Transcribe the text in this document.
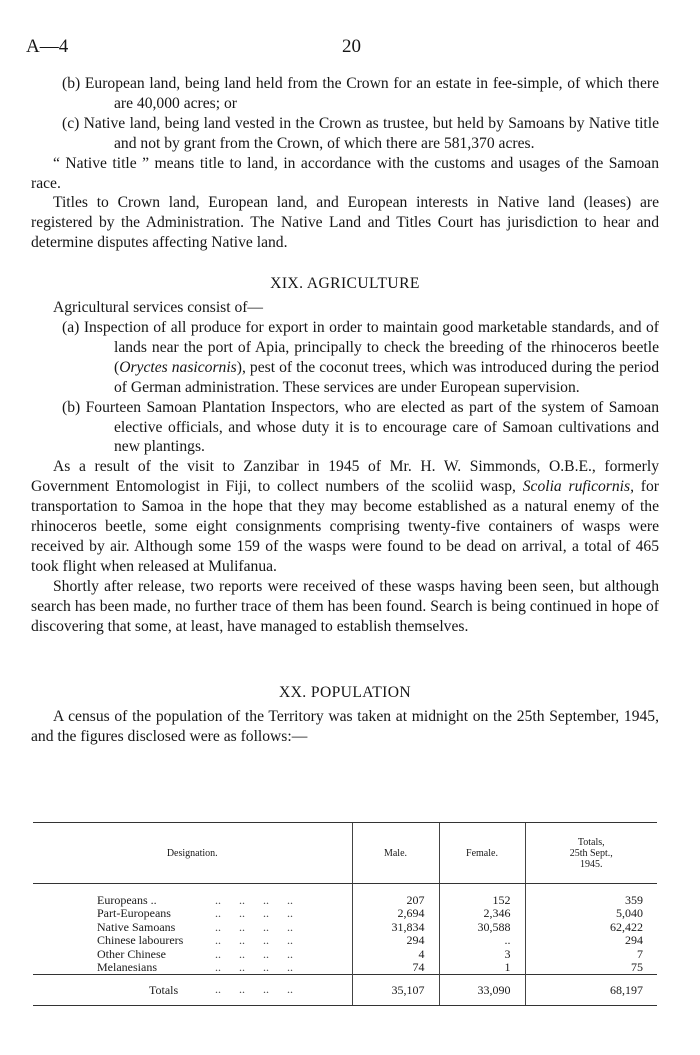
A—4	20

(b) European land, being land held from the Crown for an estate in fee-simple, of which there are 40,000 acres; or

(c) Native land, being land vested in the Crown as trustee, but held by Samoans by Native title and not by grant from the Crown, of which there are 581,370 acres.

“ Native title ” means title to land, in accordance with the customs and usages of the Samoan race.

Titles to Crown land, European land, and European interests in Native land (leases) are registered by the Administration. The Native Land and Titles Court has jurisdiction to hear and determine disputes affecting Native land.

XIX. AGRICULTURE

Agricultural services consist of—

(a) Inspection of all produce for export in order to maintain good marketable standards, and of lands near the port of Apia, principally to check the breeding of the rhinoceros beetle (Oryctes nasicornis), pest of the coconut trees, which was introduced during the period of German administration. These services are under European supervision.

(b) Fourteen Samoan Plantation Inspectors, who are elected as part of the system of Samoan elective officials, and whose duty it is to encourage care of Samoan cultivations and new plantings.

As a result of the visit to Zanzibar in 1945 of Mr. H. W. Simmonds, O.B.E., formerly Government Entomologist in Fiji, to collect numbers of the scoliid wasp, Scolia ruficornis, for transportation to Samoa in the hope that they may become established as a natural enemy of the rhinoceros beetle, some eight consignments comprising twenty-five containers of wasps were received by air. Although some 159 of the wasps were found to be dead on arrival, a total of 465 took flight when released at Mulifanua.

Shortly after release, two reports were received of these wasps having been seen, but although search has been made, no further trace of them has been found. Search is being continued in hope of discovering that some, at least, have managed to establish themselves.

XX. POPULATION

A census of the population of the Territory was taken at midnight on the 25th September, 1945, and the figures disclosed were as follows:—

Designation.	Male.	Female.	Totals,
25th Sept.,
1945.
Europeans .. ..      ..      ..      ..	207	152	359
Part-Europeans ..      ..      ..      ..	2,694	2,346	5,040
Native Samoans ..      ..      ..      ..	31,834	30,588	62,422
Chinese labourers ..      ..      ..      ..	294	..	294
Other Chinese ..      ..      ..      ..	4	3	7
Melanesians ..      ..      ..      ..	74	1	75
Totals ..      ..      ..      ..	35,107	33,090	68,197
